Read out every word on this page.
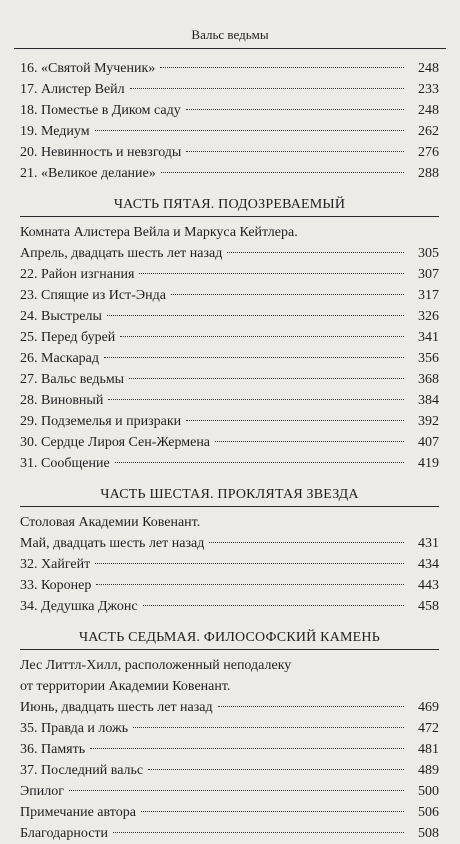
Вальс ведьмы
16. «Святой Мученик»	248
17. Алистер Вейл	233
18. Поместье в Диком саду	248
19. Медиум	262
20. Невинность и невзгоды	276
21. «Великое делание»	288
ЧАСТЬ ПЯТАЯ. ПОДОЗРЕВАЕМЫЙ
Комната Алистера Вейла и Маркуса Кейтлера.
Апрель, двадцать шесть лет назад	305
22. Район изгнания	307
23. Спящие из Ист-Энда	317
24. Выстрелы	326
25. Перед бурей	341
26. Маскарад	356
27. Вальс ведьмы	368
28. Виновный	384
29. Подземелья и призраки	392
30. Сердце Лироя Сен-Жермена	407
31. Сообщение	419
ЧАСТЬ ШЕСТАЯ. ПРОКЛЯТАЯ ЗВЕЗДА
Столовая Академии Ковенант.
Май, двадцать шесть лет назад	431
32. Хайгейт	434
33. Коронер	443
34. Дедушка Джонс	458
ЧАСТЬ СЕДЬМАЯ. ФИЛОСОФСКИЙ КАМЕНЬ
Лес Литтл-Хилл, расположенный неподалеку
от территории Академии Ковенант.
Июнь, двадцать шесть лет назад	469
35. Правда и ложь	472
36. Память	481
37. Последний вальс	489
Эпилог	500
Примечание автора	506
Благодарности	508
